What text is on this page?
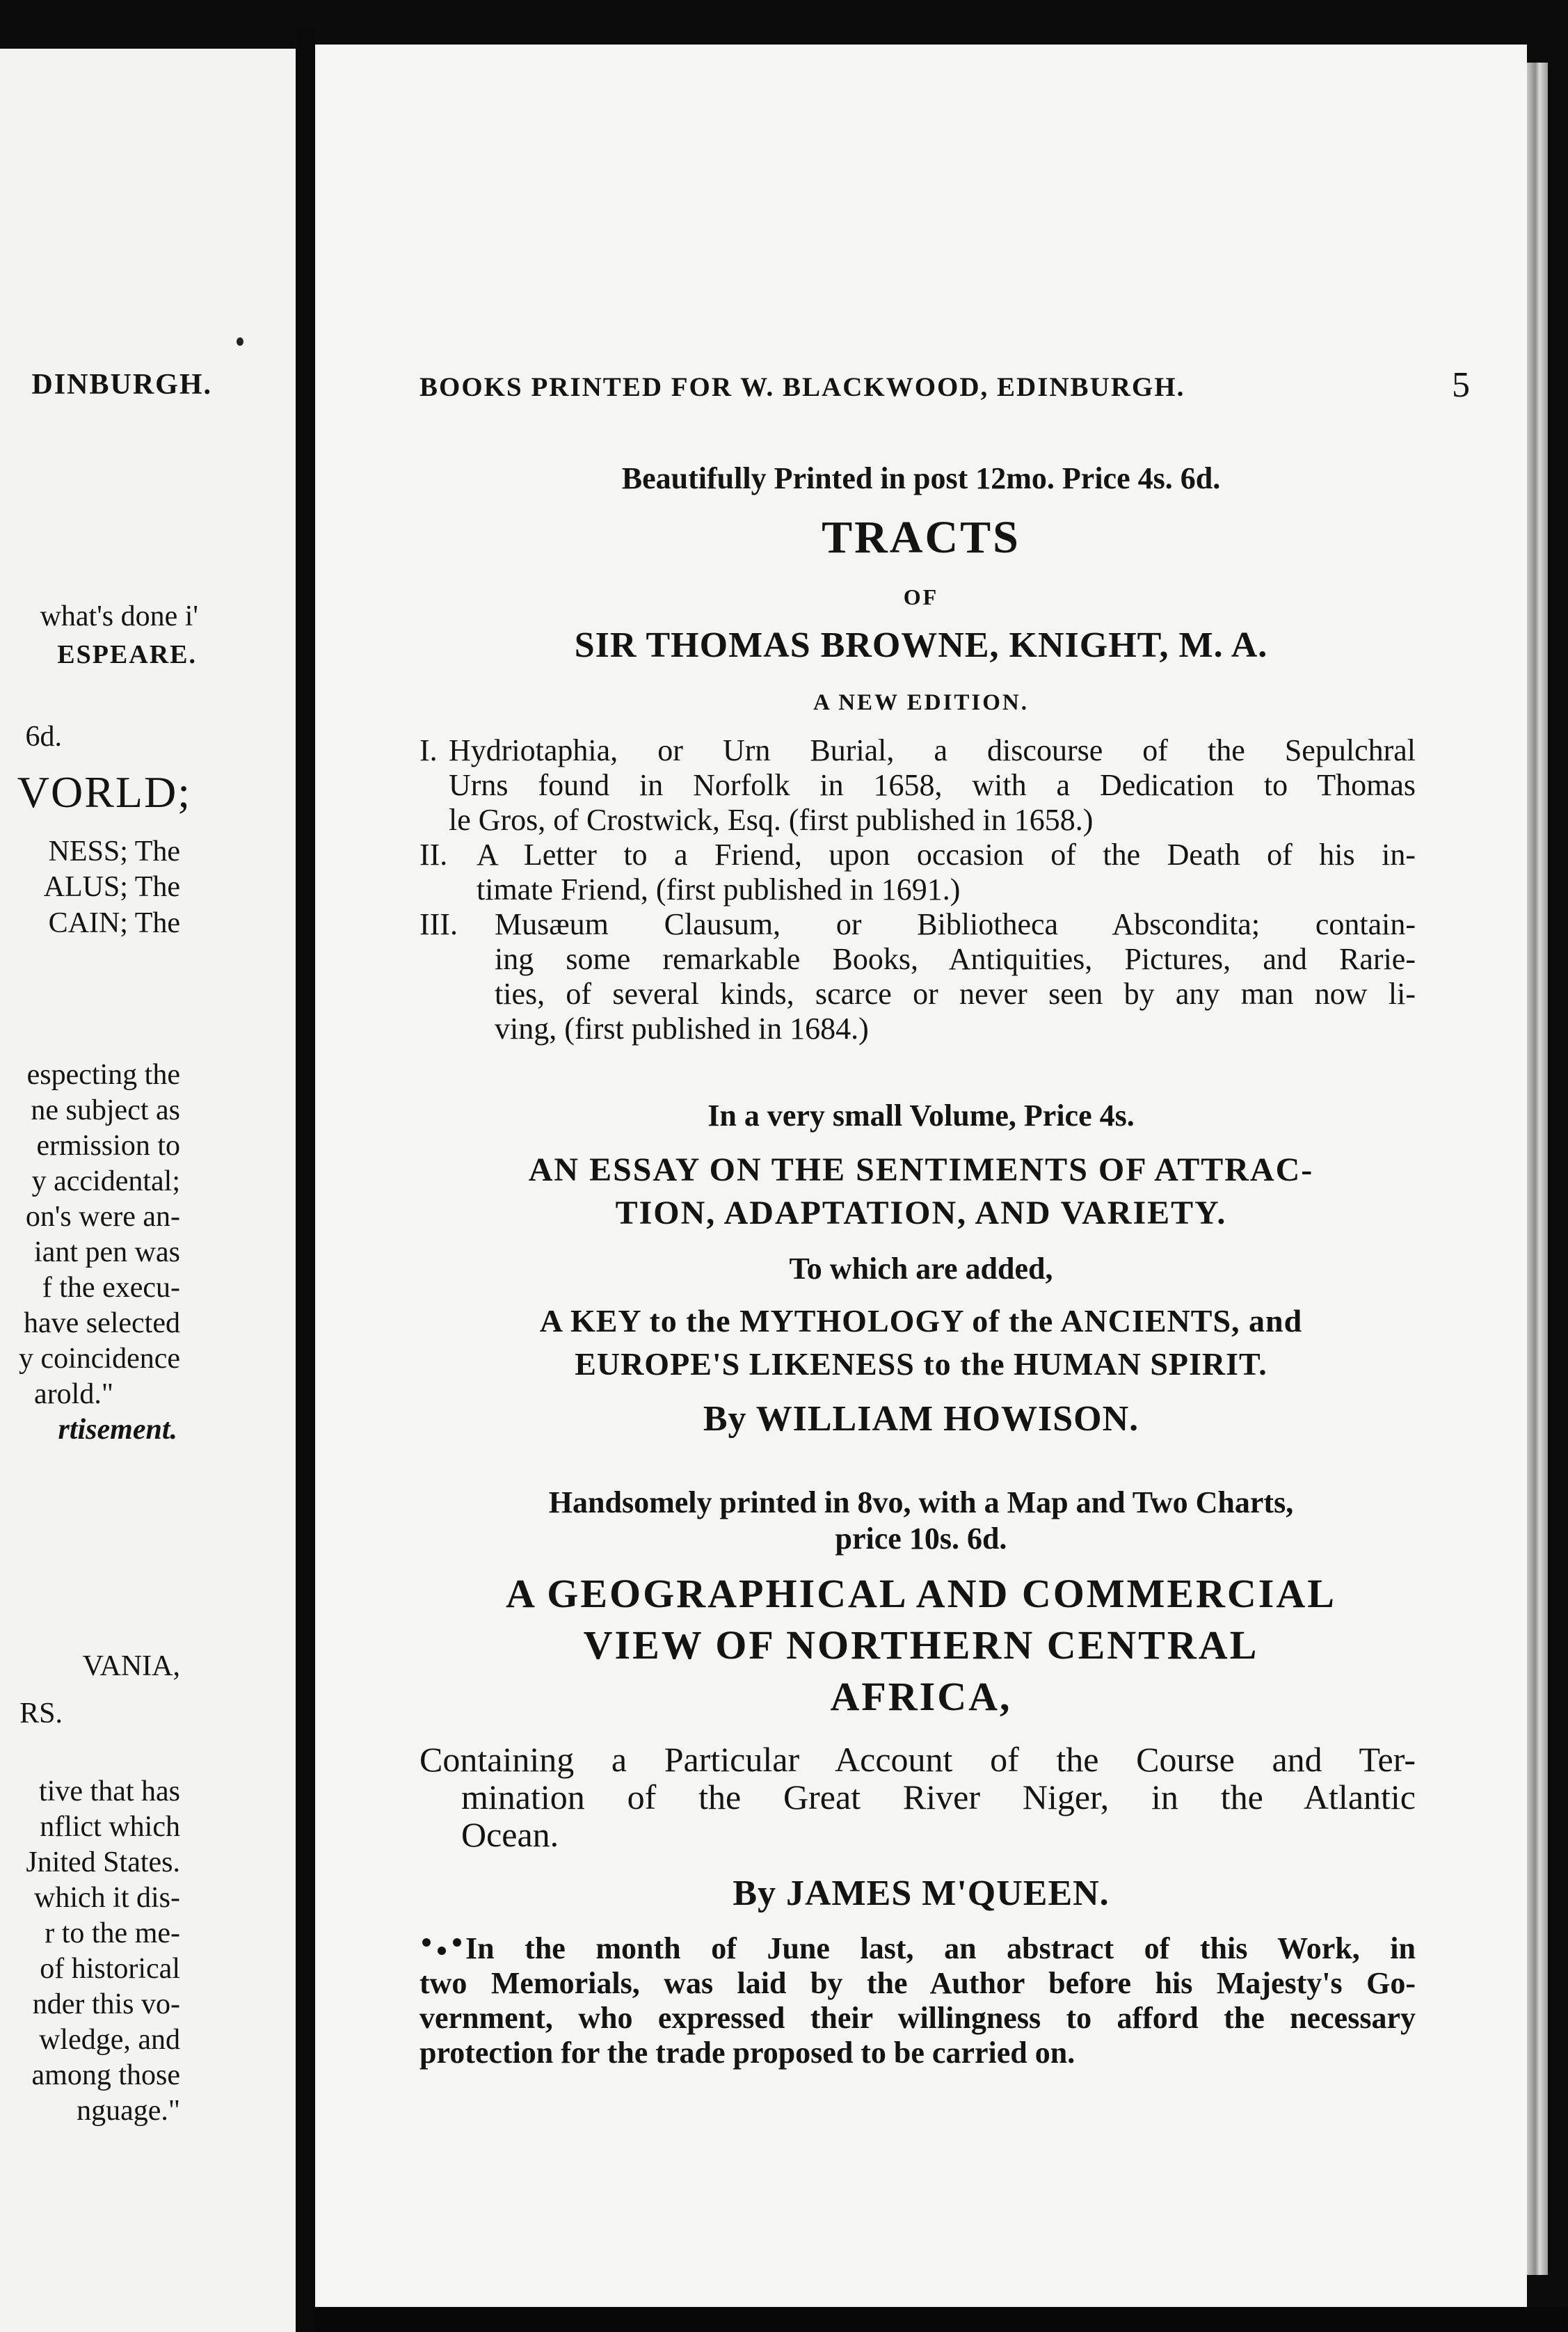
DINBURGH.
what's done i'
ESPEARE.
6d.
VORLD;
NESS; The
ALUS; The
CAIN; The
especting the
ne subject as
ermission to
y accidental;
on's were an-
iant pen was
f the execu-
have selected
y coincidence
arold."
rtisement.
VANIA,
RS.
tive that has
nflict which
Jnited States.
which it dis-
r to the me-
of historical
nder this vo-
wledge, and
among those
nguage."
BOOKS PRINTED FOR W. BLACKWOOD, EDINBURGH.	5
Beautifully Printed in post 12mo. Price 4s. 6d.
TRACTS
OF
SIR THOMAS BROWNE, KNIGHT, M. A.
A NEW EDITION.
I. Hydriotaphia, or Urn Burial, a discourse of the Sepulchral
Urns found in Norfolk in 1658, with a Dedication to Thomas
le Gros, of Crostwick, Esq. (first published in 1658.)
II. A Letter to a Friend, upon occasion of the Death of his in-
timate Friend, (first published in 1691.)
III. Musæum Clausum, or Bibliotheca Abscondita; contain-
ing some remarkable Books, Antiquities, Pictures, and Rarie-
ties, of several kinds, scarce or never seen by any man now li-
ving, (first published in 1684.)
In a very small Volume, Price 4s.
AN ESSAY ON THE SENTIMENTS OF ATTRAC-
TION, ADAPTATION, AND VARIETY.
To which are added,
A KEY to the MYTHOLOGY of the ANCIENTS, and
EUROPE'S LIKENESS to the HUMAN SPIRIT.
By WILLIAM HOWISON.
Handsomely printed in 8vo, with a Map and Two Charts,
price 10s. 6d.
A GEOGRAPHICAL AND COMMERCIAL
VIEW OF NORTHERN CENTRAL
AFRICA,
Containing a Particular Account of the Course and Ter-
mination of the Great River Niger, in the Atlantic
Ocean.
By JAMES M'QUEEN.
In the month of June last, an abstract of this Work, in
two Memorials, was laid by the Author before his Majesty's Go-
vernment, who expressed their willingness to afford the necessary
protection for the trade proposed to be carried on.
